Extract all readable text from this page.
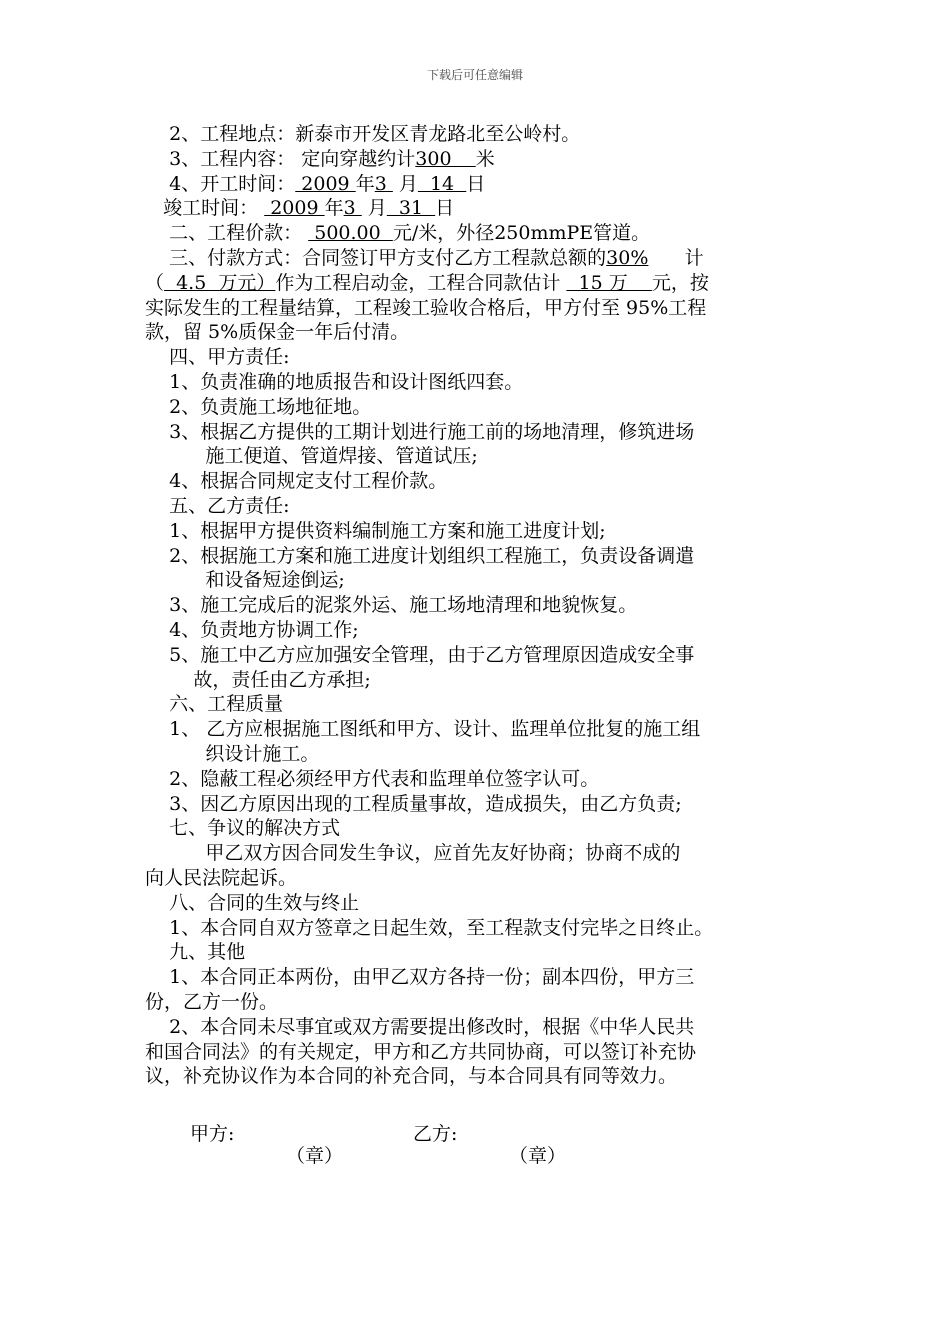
下载后可任意编辑
2、工程地点：新泰市开发区青龙路北至公岭村。
3、工程内容： 定向穿越约计300    米
4、开工时间： 2009 年3  月  14  日
竣工时间：  2009 年3  月  31  日
二、工程价款：  500.00  元/米，外径250mmPE管道。
三、付款方式：合同签订甲方支付乙方工程款总额的30%      计
（  4.5  万元）作为工程启动金，工程合同款估计   15 万    元，按
实际发生的工程量结算，工程竣工验收合格后，甲方付至 95%工程
款，留 5%质保金一年后付清。
四、甲方责任:
1、负责准确的地质报告和设计图纸四套。
2、负责施工场地征地。
3、根据乙方提供的工期计划进行施工前的场地清理，修筑进场
施工便道、管道焊接、管道试压;
4、根据合同规定支付工程价款。
五、乙方责任:
1、根据甲方提供资料编制施工方案和施工进度计划;
2、根据施工方案和施工进度计划组织工程施工，负责设备调遣
和设备短途倒运;
3、施工完成后的泥浆外运、施工场地清理和地貌恢复。
4、负责地方协调工作;
5、施工中乙方应加强安全管理，由于乙方管理原因造成安全事
故，责任由乙方承担;
六、工程质量
1、 乙方应根据施工图纸和甲方、设计、监理单位批复的施工组
织设计施工。
2、隐蔽工程必须经甲方代表和监理单位签字认可。
3、因乙方原因出现的工程质量事故，造成损失，由乙方负责;
七、争议的解决方式
甲乙双方因合同发生争议，应首先友好协商；协商不成的
向人民法院起诉。
八、合同的生效与终止
1、本合同自双方签章之日起生效，至工程款支付完毕之日终止。
九、其他
1、本合同正本两份，由甲乙双方各持一份；副本四份，甲方三
份，乙方一份。
2、本合同未尽事宜或双方需要提出修改时，根据《中华人民共
和国合同法》的有关规定，甲方和乙方共同协商，可以签订补充协
议，补充协议作为本合同的补充合同，与本合同具有同等效力。
甲方:	乙方:
（章）	（章）
